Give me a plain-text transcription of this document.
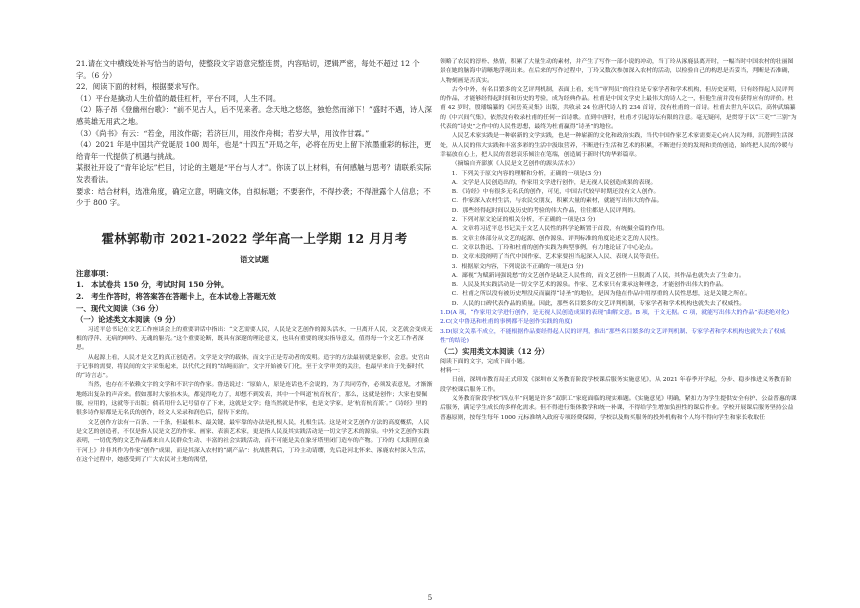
21.请在文中横线处补写恰当的语句，使整段文字语意完整连贯，内容贴切，逻辑严密，每处不超过 12 个字。（6 分）

22．阅读下面的材料，根据要求写作。

（1）平台是擒动人生价值的最佳杠杆，平台不同，人生不同。

（2）陈子昂《登幽州台歌》：“前不见古人，后不见来者。念天地之悠悠，独怆然而涕下！”盛时不遇，诗人深感英雄无用武之地。

（3）《尚书》有云：“若金，用汝作砺；若济巨川，用汝作舟楫；若岁大旱，用汝作甘霖。”

（4）2021 年是中国共产党诞辰 100 周年，也是“十四五”开局之年，必将在历史上留下浓墨重彩的标注，更给青年一代提供了机遇与挑战。

某报社开设了“青年论坛”栏目，讨论的主题是“平台与人才”。你读了以上材料，有何感触与思考？请联系实际发表看法。

要求：结合材料，选准角度，确定立意，明确文体，自拟标题；不要套作，不得抄袭；不得泄露个人信息；不少于 800 字。

霍林郭勒市 2021-2022 学年高一上学期 12 月月考
语文试题

注意事项：

1.　本试卷共 150 分，考试时间 150 分钟。

2.　考生作答时，将答案答在答题卡上，在本试卷上答题无效

一、现代文阅读（36 分）

（一）论述类文本阅读（9 分）

习近平总书记在文艺工作座谈会上的重要讲话中指出：“文艺需要人民，人民是文艺创作的源头活水，一旦离开人民，文艺就会变成无根的浮萍、无病的呻吟、无魂的躯壳。”这个重要论断，既具有深邃的理论意义，也具有重要的现实指导意义，值得每一个文艺工作者深思。

从起源上看，人民才是文艺的真正创造者。文学是文学的载体，而文字正是劳动者的发明。造字的方法最初就是象形，会意。史官由于记事的需要，将民间的文字采集起来，以代代之间的“结绳而治”，文字开始被专门化，至于文学审美的关注，也最早来自于先秦时代的“诗言志”。

当然，也存在不依赖文字的文学和不识字的作家。鲁迅说过：“原始人，原是连话也不会说的，为了共同劳作，必须发表意见，才渐渐地练出复杂的声音来。假如那时大家抬木头，都觉得吃力了，却想不到发表，其中一个叫道‘杭育杭育’，那么，这就是创作；大家也要佩服，应用的，这就等于出版；倘若用什么记号留存了下来，这就是文学；他当然就是作家，也是文学家，是‘杭育杭育派’。”《诗经》里的很多诗作原都是无名氏的创作，经文人采录和润色后，留传下来的。

文艺创作方法有一百条、一千条，但最根本、最关键、最牢靠的办法是扎根人民，扎根生活。这是对文艺创作方法的高度概括，人民是文艺的创造者，不仅是指人民是文艺的作家、画家、表演艺术家，更是指人民及其实践活动是一切文学艺术的源泉。中外文艺创作实践表明，一切优秀的文艺作品都来自人民群众生动、丰富的社会实践活动，而不可能是关在象牙塔里闭门造车的产物。丁玲的《太阳照在桑干河上》并非其作为作家“创作”成果，而是其深入农村的“副产品”：抗战胜利后，丁玲主动请缨，先后赴河北怀来、涿鹿农村深入生活，在这个过程中，她感受到了广大农民对土地的渴望，

领略了农民的淳朴、热情，积累了大量生动的素材，并产生了写作一部小说的冲动，当丁玲从涿鹿县离开时，一幅当时中国农村的壮丽图景在她的脑海中清晰地浮现出来。在后来的写作过程中，丁玲又数次参加深入农村的活动，以检验自己的构思是否妥当，判断是否准确，人物刻画是否真实。

古今中外，有名目繁多的文艺评判机制，表面上看，充当“审判员”的往往是专家学者和学术机构，但历史证明，只有经得起人民评判的作品，才能够经得起时间和历史的考验，成为经典作品。杜甫是中国文学史上最伟大的诗人之一，但他生前并没有获得应有的评价。杜甫 42 岁时，殷璠编纂的《河岳英灵集》出版，共收录 24 位唐代诗人的 234 首诗，没有杜甫的一首诗。杜甫去世九年以后，高仲武编纂的《中兴间气集》，依然没有收录杜甫的任何一首诗歌。直到中唐时，杜甫才引起诗坛有限的注意。毫无疑问，是贯穿于以“三吏”“三别”为代表的“诗史”之作中的人民性思想，最终为杜甫赢得“诗圣”的地位。

人民艺术家实践是一种崭新的文学实践，也是一种崭新的文化和政治实践，当代中国作家艺术家需要走心向人民为师，沉潜到生活深处，从人民的伟大实践和丰富多彩的生活中汲取营养，不断进行生活和艺术的积累，不断进行美的发现和美的创造，始终把人民的冷暖与幸福放在心上，把人民的喜怒哀乐倾注在笔端，创造属于新时代的华彩篇章。

（摘编自齐澎旗《人民是文艺创作的源头活水》）

1．下列关于原文内容的理解和分析，正确的一项是(3 分)

A．文学是人民创造出的，作家用文学进行创作，是无视人民创造成果的表现。

B．《诗经》中有很多无名氏的创作，可见，中国古代较早时期还没有文人创作。

C．作家深入农村生活，与农民交朋友，积累大量的素材，就能写出伟大的作品。

D．那些经得起时间以及历史的考验的伟大作品，往往都是人民评判的。

2．下列对原文论证的相关分析，不正确的一项是(3 分)

A．文章将习近平总书记关于文艺人民性的科学论断置于首段，有统摄全篇的作用。

B．文章主体部分从文艺的起源、创作源泉、评判标准的角度论述文艺的人民性。

C．文章以鲁迅、丁玲和杜甫的创作实践为典型事例，有力地论证了中心论点。

D．文章末段阐明了当代中国作家、艺术家要担当起深入人民、表现人民等责任。

3．根据原文内容，下列说法不正确的一项是(3 分)

A．鄙视“为赋新词强说愁”的文艺创作是缺乏人民性的，而文艺创作一旦脱离了人民，其作品也就失去了生命力。

B．人民及其实践活动是一切文学艺术的源泉。作家、艺术家只有秉承这种理念，才能创作出伟大的作品。

C．杜甫之所以没有被历史埋没反而赢得“诗圣”的地位，是因为他在作品中用厚重的人民性思想，这是关键之所在。

D．人民的口碑代表作品的质量。因此，那些名目繁多的文艺评判机制，专家学者和学术机构也就失去了权威性。

1.D(A 项，“作家用文学进行创作，是无视人民创造成果的表现”曲解文意。B 项，于文无据。C 项，就能写出伟大的作品”表述绝对化)

2.C(文中鲁迅和杜甫的事例都不是创作实践的角度)

3.D(原文关系不成立，不能根据作品要经得起人民的评判，推出“那些名目繁多的文艺评判机制、专家学者和学术机构也就失去了权威性”的结论)

（二）实用类文本阅读（12 分）

阅读下面的文字，完成下面小题。

材料一：

日前，深圳市教育局正式印发《深圳市义务教育阶段学校课后服务实施意见》，从 2021 年春季开学起，分步、稳步推进义务教育阶段学校课后服务工作。

义务教育阶段学校“四点半”问题是许多“双职工”家庭面临的现实难题。《实施意见》明确，紧扣力为学生提供安全有护、公益普惠的课后服务，满足学生成长的多样化需求。但不得进行集体教学和统一补课，不得给学生增加负担性的课后作业。学校开展课后服务坚持公益普惠原则，按每生每年 1000 元标准纳入政府专项经费保障，学校以及购买服务的投外机构和个人均不得向学生和家长收取任

5
